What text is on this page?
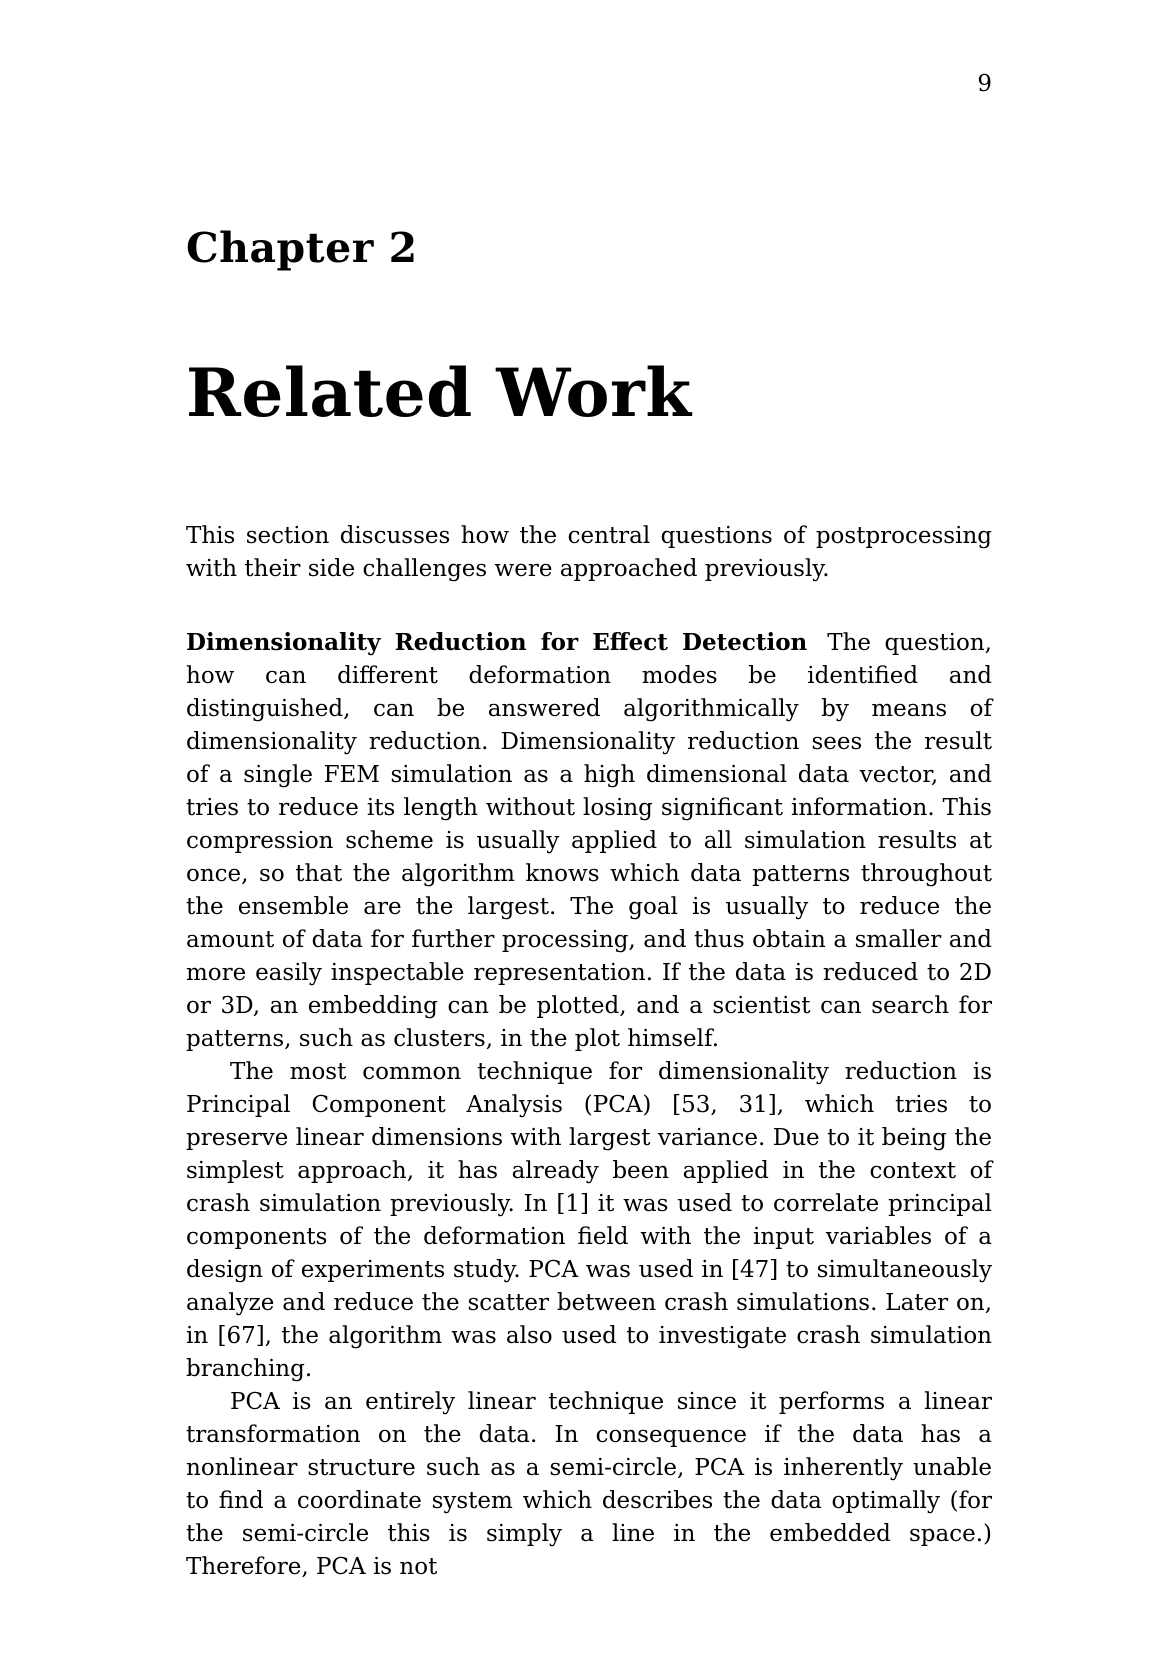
9
Chapter 2
Related Work

This section discusses how the central questions of postprocessing with their side challenges were approached previously.

Dimensionality Reduction for Effect Detection The question, how can different deformation modes be identified and distinguished, can be answered algorithmically by means of dimensionality reduction. Dimensionality reduction sees the result of a single FEM simulation as a high dimensional data vector, and tries to reduce its length without losing significant information. This compression scheme is usually applied to all simulation results at once, so that the algorithm knows which data patterns throughout the ensemble are the largest. The goal is usually to reduce the amount of data for further processing, and thus obtain a smaller and more easily inspectable representation. If the data is reduced to 2D or 3D, an embedding can be plotted, and a scientist can search for patterns, such as clusters, in the plot himself.

The most common technique for dimensionality reduction is Principal Component Analysis (PCA) [53, 31], which tries to preserve linear dimensions with largest variance. Due to it being the simplest approach, it has already been applied in the context of crash simulation previously. In [1] it was used to correlate principal components of the deformation field with the input variables of a design of experiments study. PCA was used in [47] to simultaneously analyze and reduce the scatter between crash simulations. Later on, in [67], the algorithm was also used to investigate crash simulation branching.

PCA is an entirely linear technique since it performs a linear transformation on the data. In consequence if the data has a nonlinear structure such as a semi-circle, PCA is inherently unable to find a coordinate system which describes the data optimally (for the semi-circle this is simply a line in the embedded space.) Therefore, PCA is not
